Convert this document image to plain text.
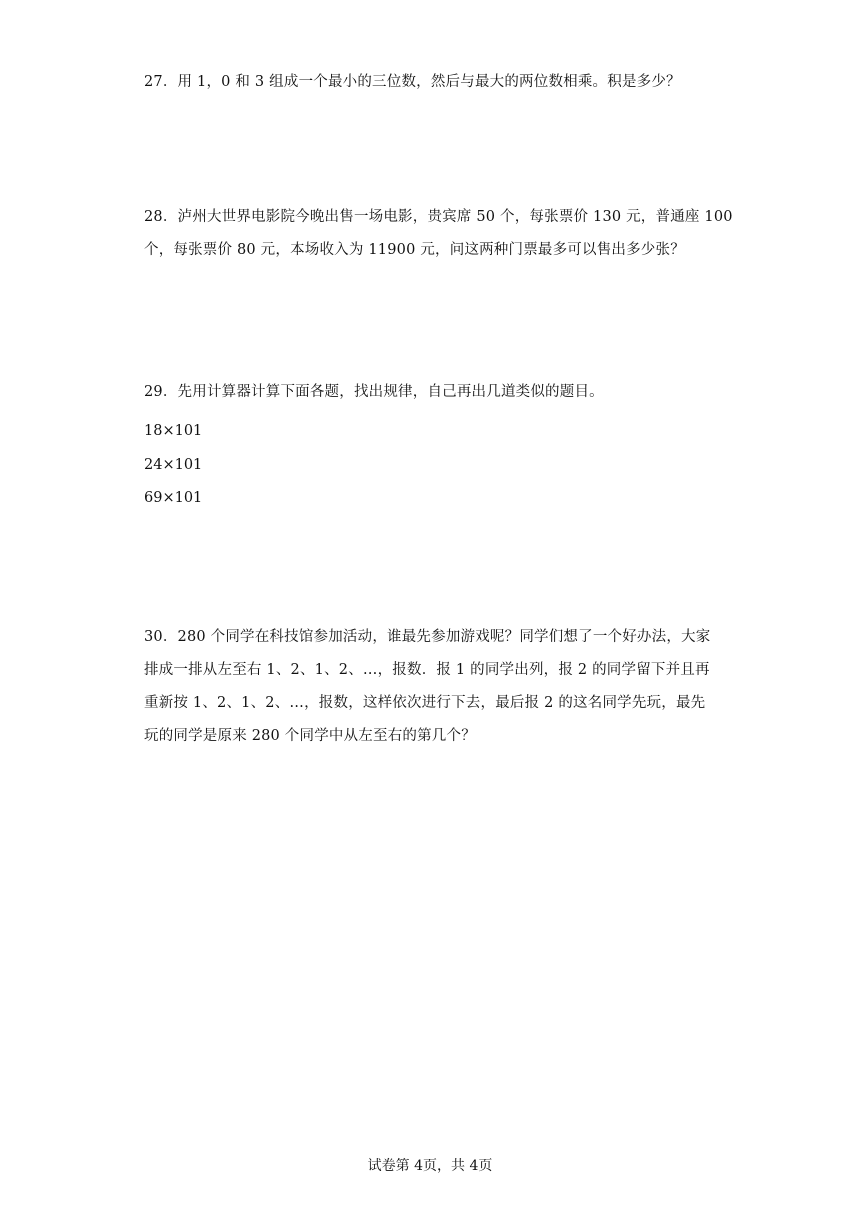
27．用 1，0 和 3 组成一个最小的三位数，然后与最大的两位数相乘。积是多少？

28．泸州大世界电影院今晚出售一场电影，贵宾席 50 个，每张票价 130 元，普通座 100

个，每张票价 80 元，本场收入为 11900 元，问这两种门票最多可以售出多少张？

29．先用计算器计算下面各题，找出规律，自己再出几道类似的题目。

18×101
24×101
69×101

30．280 个同学在科技馆参加活动，谁最先参加游戏呢？同学们想了一个好办法，大家

排成一排从左至右 1、2、1、2、…，报数．报 1 的同学出列，报 2 的同学留下并且再

重新按 1、2、1、2、…，报数，这样依次进行下去，最后报 2 的这名同学先玩，最先

玩的同学是原来 280 个同学中从左至右的第几个？

试卷第 4页，共 4页
